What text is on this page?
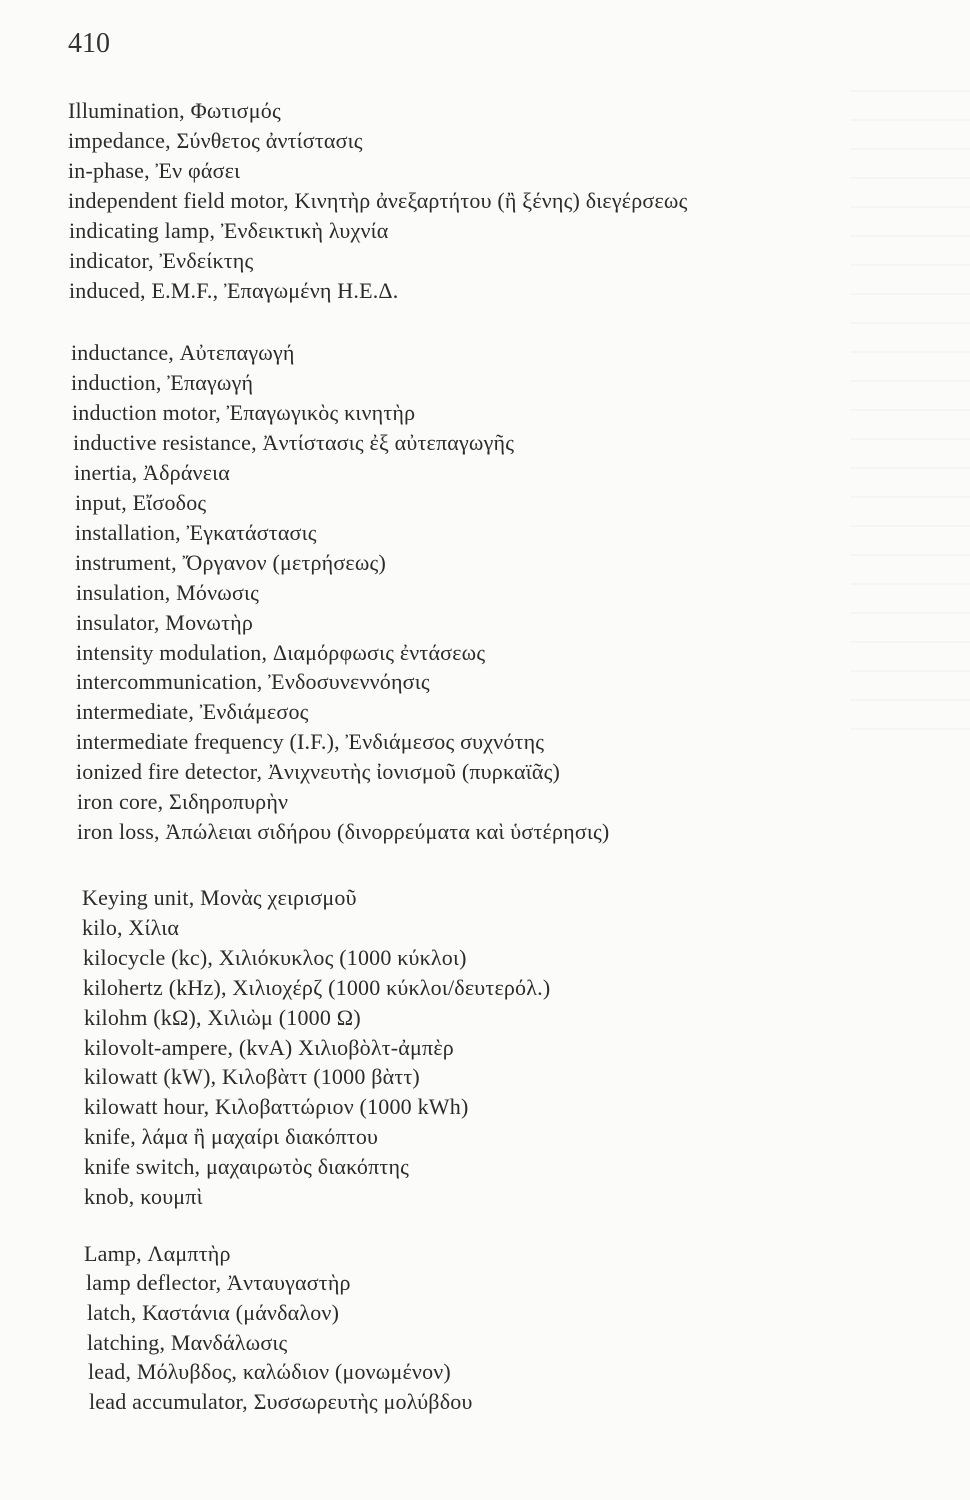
410
Illumination, Φωτισμός
impedance, Σύνθετος ἀντίστασις
in-phase, Ἐν φάσει
independent field motor, Κινητὴρ ἀνεξαρτήτου (ἢ ξένης) διεγέρσεως
indicating lamp, Ἐνδεικτικὴ λυχνία
indicator, Ἐνδείκτης
induced, E.M.F., Ἐπαγωμένη Η.Ε.Δ.
inductance, Αὐτεπαγωγή
induction, Ἐπαγωγή
induction motor, Ἐπαγωγικὸς κινητὴρ
inductive resistance, Ἀντίστασις ἐξ αὐτεπαγωγῆς
inertia, Ἀδράνεια
input, Εἴσοδος
installation, Ἐγκατάστασις
instrument, Ὄργανον (μετρήσεως)
insulation, Μόνωσις
insulator, Μονωτὴρ
intensity modulation, Διαμόρφωσις ἐντάσεως
intercommunication, Ἐνδοσυνεννόησις
intermediate, Ἐνδιάμεσος
intermediate frequency (I.F.), Ἐνδιάμεσος συχνότης
ionized fire detector, Ἀνιχνευτὴς ἰονισμοῦ (πυρκαϊᾶς)
iron core, Σιδηροπυρὴν
iron loss, Ἀπώλειαι σιδήρου (δινορρεύματα καὶ ὑστέρησις)
Keying unit, Μονὰς χειρισμοῦ
kilo, Χίλια
kilocycle (kc), Χιλιόκυκλος (1000 κύκλοι)
kilohertz (kHz), Χιλιοχέρζ (1000 κύκλοι/δευτερόλ.)
kilohm (kΩ), Χιλιὼμ (1000 Ω)
kilovolt-ampere, (kvA) Χιλιοβὸλτ-ἀμπὲρ
kilowatt (kW), Κιλοβὰττ (1000 βὰττ)
kilowatt hour, Κιλοβαττώριον (1000 kWh)
knife, λάμα ἢ μαχαίρι διακόπτου
knife switch, μαχαιρωτὸς διακόπτης
knob, κουμπὶ
Lamp, Λαμπτὴρ
lamp deflector, Ἀνταυγαστὴρ
latch, Καστάνια (μάνδαλον)
latching, Μανδάλωσις
lead, Μόλυβδος, καλώδιον (μονωμένον)
lead accumulator, Συσσωρευτὴς μολύβδου
